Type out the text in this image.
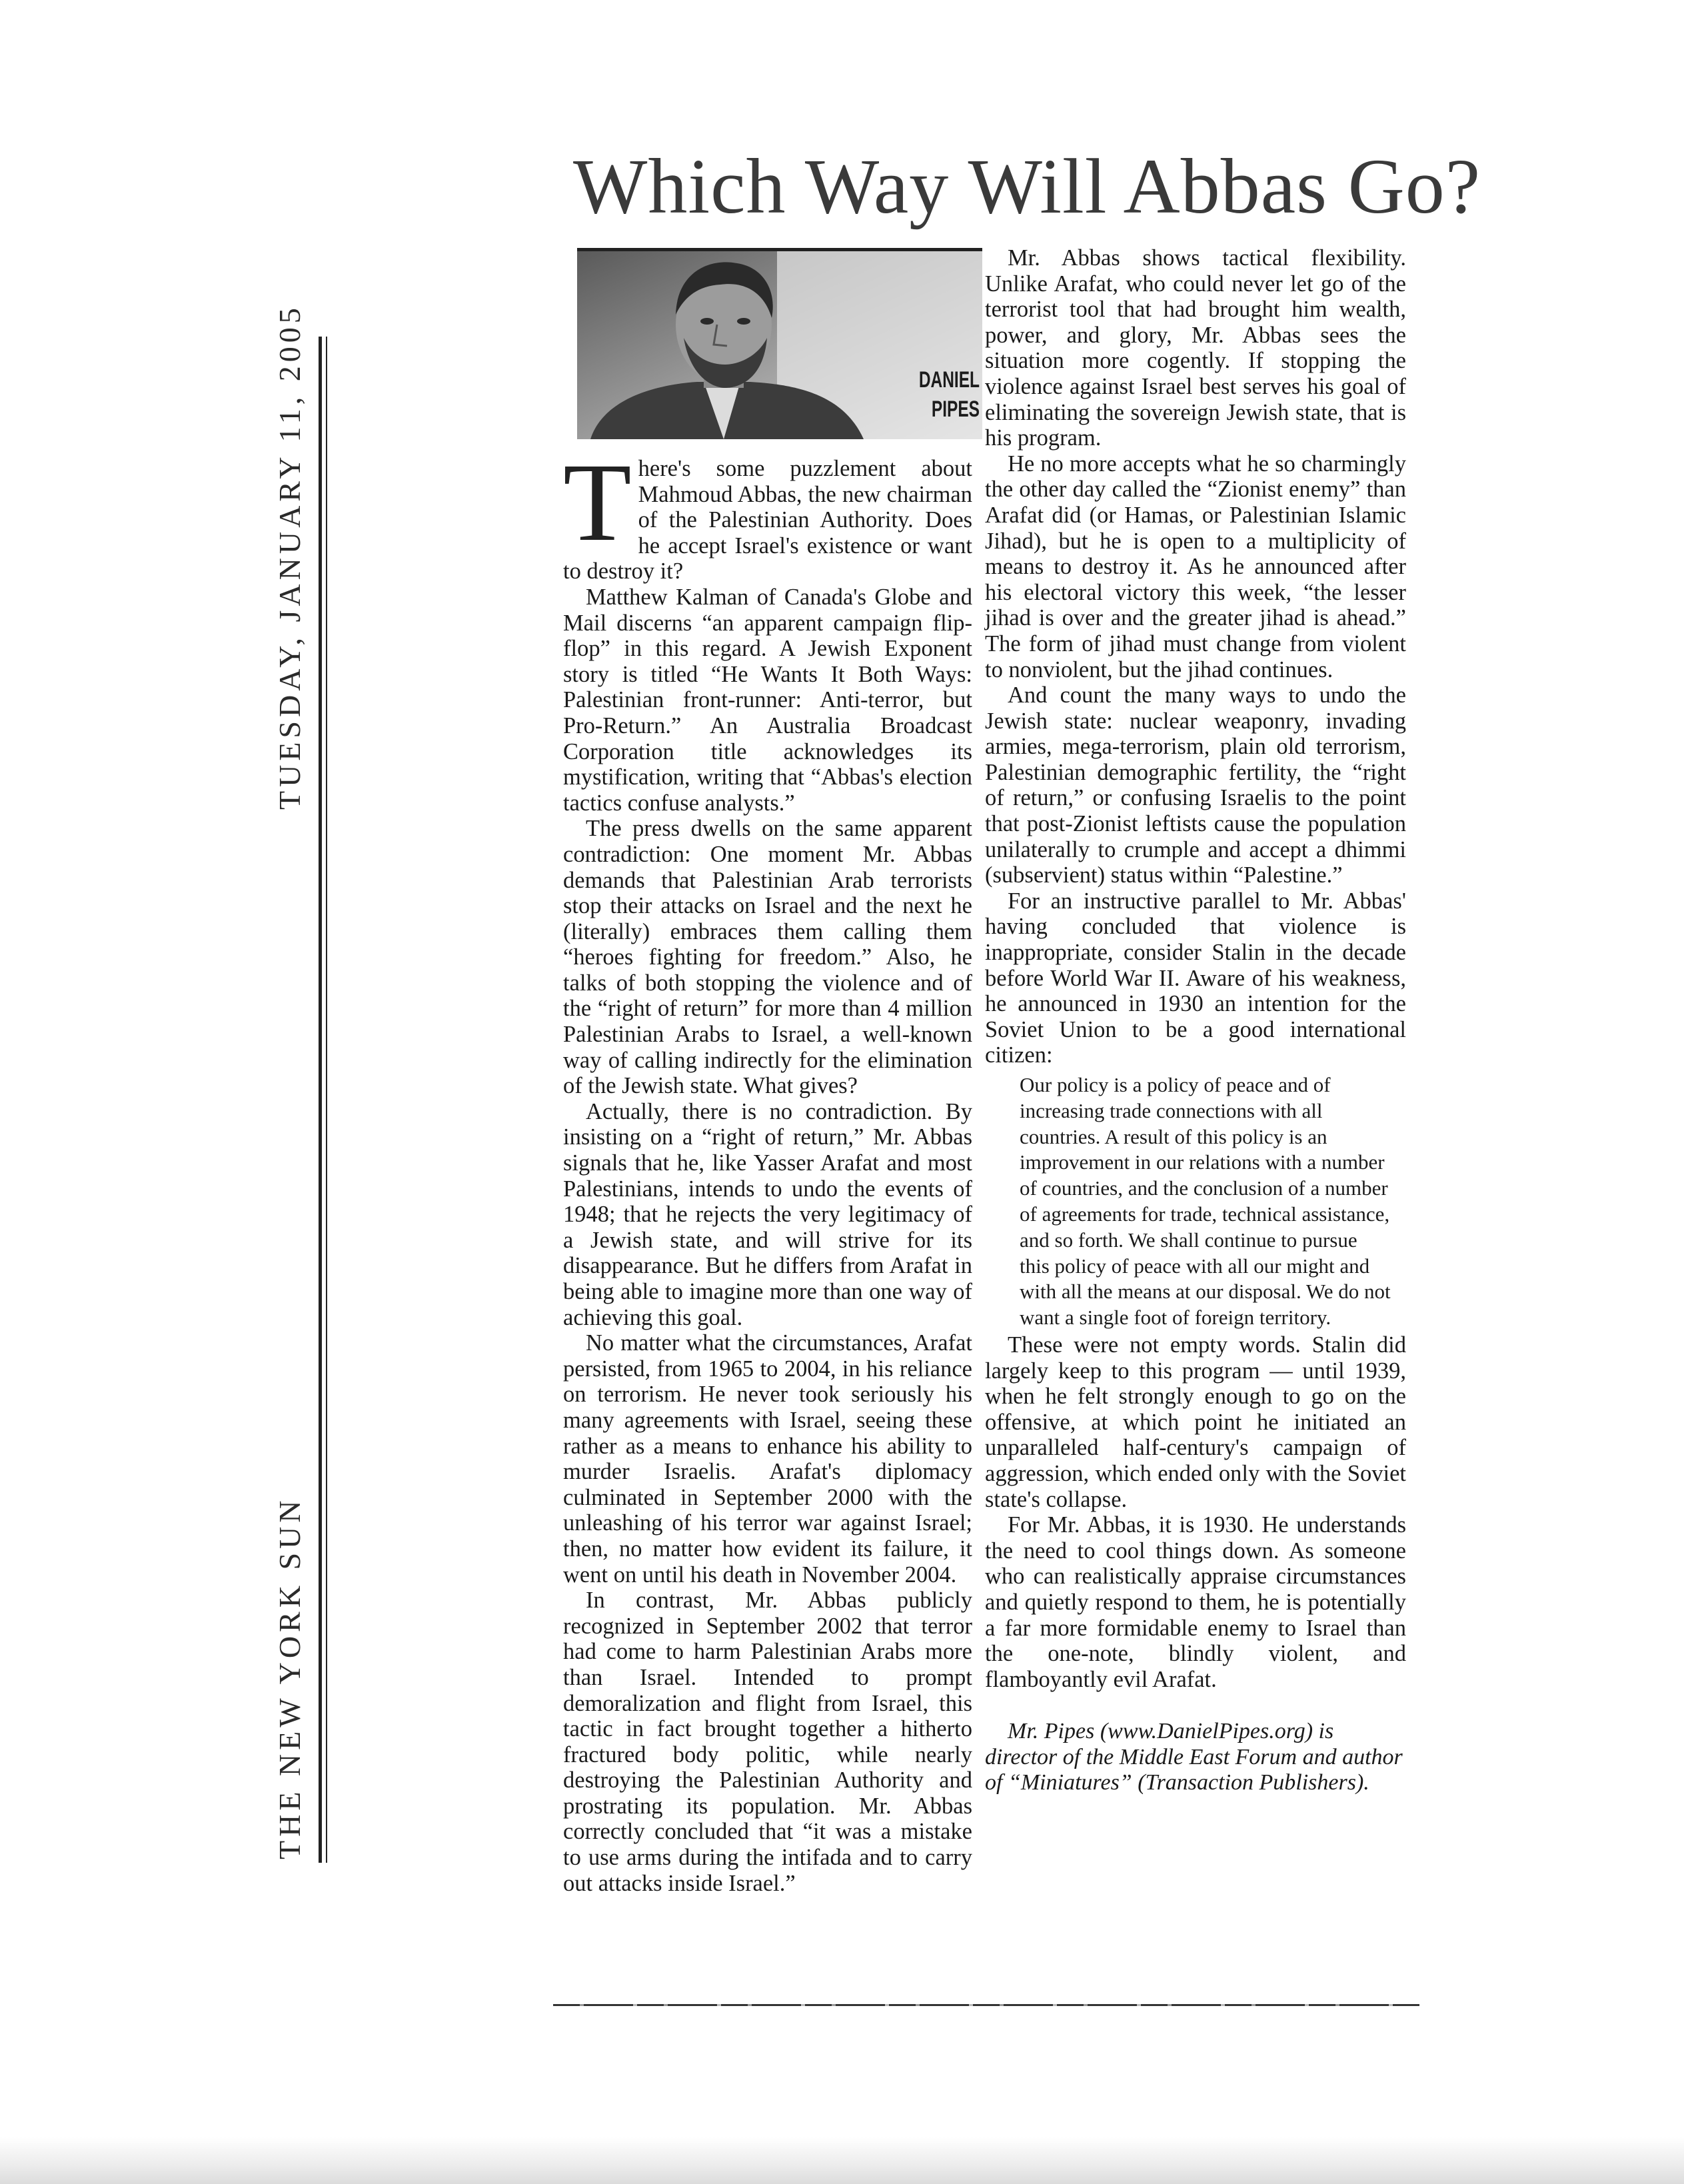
Which Way Will Abbas Go?
THE NEW YORK SUN
TUESDAY, JANUARY 11, 2005	DANIEL
PIPES

There's some puzzlement about Mahmoud Abbas, the new chairman of the Palestinian Authority. Does he accept Israel's existence or want to destroy it?

Matthew Kalman of Canada's Globe and Mail discerns “an apparent campaign flip-flop” in this regard. A Jewish Exponent story is titled “He Wants It Both Ways: Palestinian front-runner: Anti-terror, but Pro-Return.” An Australia Broadcast Corporation title acknowledges its mystification, writing that “Abbas's election tactics confuse analysts.”

The press dwells on the same apparent contradiction: One moment Mr. Abbas demands that Palestinian Arab terrorists stop their attacks on Israel and the next he (literally) embraces them calling them “heroes fighting for freedom.” Also, he talks of both stopping the violence and of the “right of return” for more than 4 million Palestinian Arabs to Israel, a well-known way of calling indirectly for the elimination of the Jewish state. What gives?

Actually, there is no contradiction. By insisting on a “right of return,” Mr. Abbas signals that he, like Yasser Arafat and most Palestinians, intends to undo the events of 1948; that he rejects the very legitimacy of a Jewish state, and will strive for its disappearance. But he differs from Arafat in being able to imagine more than one way of achieving this goal.

No matter what the circumstances, Arafat persisted, from 1965 to 2004, in his reliance on terrorism. He never took seriously his many agreements with Israel, seeing these rather as a means to enhance his ability to murder Israelis. Arafat's diplomacy culminated in September 2000 with the unleashing of his terror war against Israel; then, no matter how evident its failure, it went on until his death in November 2004.

In contrast, Mr. Abbas publicly recognized in September 2002 that terror had come to harm Palestinian Arabs more than Israel. Intended to prompt demoralization and flight from Israel, this tactic in fact brought together a hitherto fractured body politic, while nearly destroying the Palestinian Authority and prostrating its population. Mr. Abbas correctly concluded that “it was a mistake to use arms during the intifada and to carry out attacks inside Israel.”

Mr. Abbas shows tactical flexibility. Unlike Arafat, who could never let go of the terrorist tool that had brought him wealth, power, and glory, Mr. Abbas sees the situation more cogently. If stopping the violence against Israel best serves his goal of eliminating the sovereign Jewish state, that is his program.

He no more accepts what he so charmingly the other day called the “Zionist enemy” than Arafat did (or Hamas, or Palestinian Islamic Jihad), but he is open to a multiplicity of means to destroy it. As he announced after his electoral victory this week, “the lesser jihad is over and the greater jihad is ahead.” The form of jihad must change from violent to nonviolent, but the jihad continues.

And count the many ways to undo the Jewish state: nuclear weaponry, invading armies, mega-terrorism, plain old terrorism, Palestinian demographic fertility, the “right of return,” or confusing Israelis to the point that post-Zionist leftists cause the population unilaterally to crumple and accept a dhimmi (subservient) status within “Palestine.”

For an instructive parallel to Mr. Abbas' having concluded that violence is inappropriate, consider Stalin in the decade before World War II. Aware of his weakness, he announced in 1930 an intention for the Soviet Union to be a good international citizen:

Our policy is a policy of peace and of increasing trade connections with all countries. A result of this policy is an improvement in our relations with a number of countries, and the conclusion of a number of agreements for trade, technical assistance, and so forth. We shall continue to pursue this policy of peace with all our might and with all the means at our disposal. We do not want a single foot of foreign territory.

These were not empty words. Stalin did largely keep to this program — until 1939, when he felt strongly enough to go on the offensive, at which point he initiated an unparalleled half-century's campaign of aggression, which ended only with the Soviet state's collapse.

For Mr. Abbas, it is 1930. He understands the need to cool things down. As someone who can realistically appraise circumstances and quietly respond to them, he is potentially a far more formidable enemy to Israel than the one-note, blindly violent, and flamboyantly evil Arafat.

Mr. Pipes (www.DanielPipes.org) is director of the Middle East Forum and author of “Miniatures” (Transaction Publishers).
